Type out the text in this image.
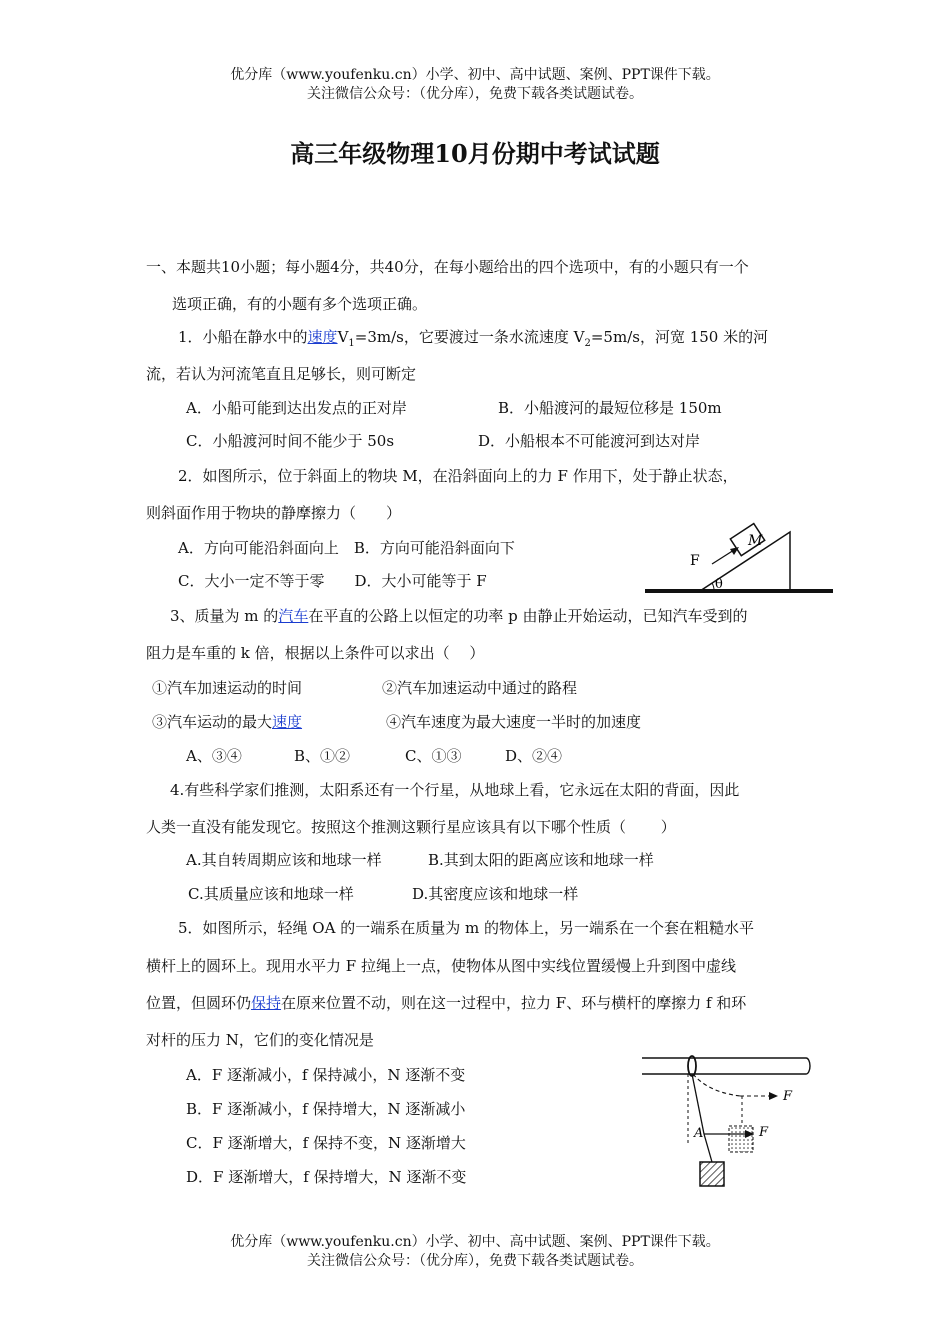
优分库（www.youfenku.cn）小学、初中、高中试题、案例、PPT课件下载。
关注微信公众号：（优分库），免费下载各类试题试卷。
高三年级物理10月份期中考试试题
一、本题共10小题；每小题4分，共40分，在每小题给出的四个选项中，有的小题只有一个
选项正确，有的小题有多个选项正确。
1．小船在静水中的速度$V_1=3m/s$，它要渡过一条水流速度 $V_2=5m/s$，河宽 150 米的河
流，若认为河流笔直且足够长，则可断定
A．小船可能到达出发点的正对岸	B．小船渡河的最短位移是 150m
C．小船渡河时间不能少于 50s	D．小船根本不可能渡河到达对岸
2．如图所示，位于斜面上的物块 M，在沿斜面向上的力 F 作用下，处于静止状态，
则斜面作用于物块的静摩擦力（　　）
A．方向可能沿斜面向上　B．方向可能沿斜面向下
C．大小一定不等于零　　D．大小可能等于 F
M
F
θ
3、质量为 m 的汽车在平直的公路上以恒定的功率 p 由静止开始运动，已知汽车受到的
阻力是车重的 k 倍，根据以上条件可以求出（　 ）
①汽车加速运动的时间	②汽车加速运动中通过的路程
③汽车运动的最大速度	④汽车速度为最大速度一半时的加速度
A、③④	B、①②	C、①③	D、②④
4.有些科学家们推测，太阳系还有一个行星，从地球上看，它永远在太阳的背面，因此
人类一直没有能发现它。按照这个推测这颗行星应该具有以下哪个性质（　　 ）
A.其自转周期应该和地球一样	B.其到太阳的距离应该和地球一样
C.其质量应该和地球一样	D.其密度应该和地球一样
5．如图所示，轻绳 OA 的一端系在质量为 m 的物体上，另一端系在一个套在粗糙水平
横杆上的圆环上。现用水平力 F 拉绳上一点，使物体从图中实线位置缓慢上升到图中虚线
位置，但圆环仍保持在原来位置不动，则在这一过程中，拉力 F、环与横杆的摩擦力 f 和环
对杆的压力 N，它们的变化情况是
A．F 逐渐减小，f 保持减小，N 逐渐不变
B．F 逐渐减小，f 保持增大，N 逐渐减小
C．F 逐渐增大，f 保持不变，N 逐渐增大
D．F 逐渐增大，f 保持增大，N 逐渐不变
A
F
F
优分库（www.youfenku.cn）小学、初中、高中试题、案例、PPT课件下载。
关注微信公众号：（优分库），免费下载各类试题试卷。
